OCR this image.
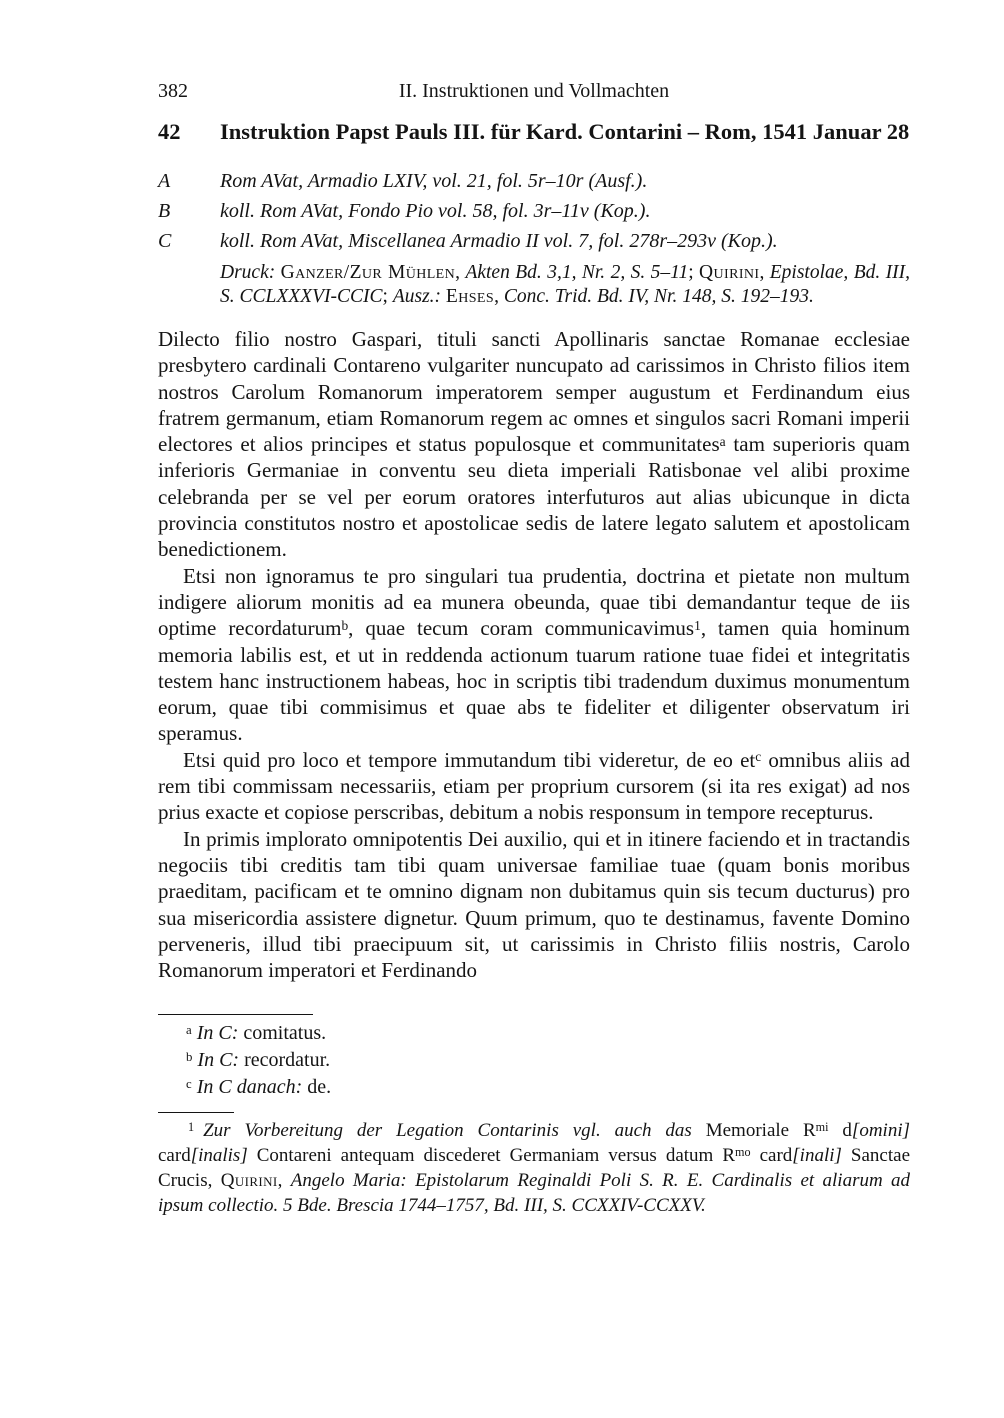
382	II. Instruktionen und Vollmachten
42	Instruktion Papst Pauls III. für Kard. Contarini – Rom, 1541 Januar 28
A	Rom AVat, Armadio LXIV, vol. 21, fol. 5r–10r (Ausf.).
B	koll. Rom AVat, Fondo Pio vol. 58, fol. 3r–11v (Kop.).
C	koll. Rom AVat, Miscellanea Armadio II vol. 7, fol. 278r–293v (Kop.).

Druck: Ganzer/Zur Mühlen, Akten Bd. 3,1, Nr. 2, S. 5–11; Quirini, Epistolae, Bd. III, S. CCLXXXVI-CCIC; Ausz.: Ehses, Conc. Trid. Bd. IV, Nr. 148, S. 192–193.

Dilecto filio nostro Gaspari, tituli sancti Apollinaris sanctae Romanae ecclesiae presbytero cardinali Contareno vulgariter nuncupato ad carissimos in Christo filios item nostros Carolum Romanorum imperatorem semper augustum et Ferdinandum eius fratrem germanum, etiam Romanorum regem ac omnes et singulos sacri Romani imperii electores et alios principes et status populosque et communitates$^a$ tam superioris quam inferioris Germaniae in conventu seu dieta imperiali Ratisbonae vel alibi proxime celebranda per se vel per eorum oratores interfuturos aut alias ubicunque in dicta provincia constitutos nostro et apostolicae sedis de latere legato salutem et apostolicam benedictionem.

Etsi non ignoramus te pro singulari tua prudentia, doctrina et pietate non multum indigere aliorum monitis ad ea munera obeunda, quae tibi demandantur teque de iis optime recordaturum$^b$, quae tecum coram communicavimus$^1$, tamen quia hominum memoria labilis est, et ut in reddenda actionum tuarum ratione tuae fidei et integritatis testem hanc instructionem habeas, hoc in scriptis tibi tradendum duximus monumentum eorum, quae tibi commisimus et quae abs te fideliter et diligenter observatum iri speramus.

Etsi quid pro loco et tempore immutandum tibi videretur, de eo $et^c$ omnibus aliis ad rem tibi commissam necessariis, etiam per proprium cursorem (si ita res exigat) ad nos prius exacte et copiose perscribas, debitum a nobis responsum in tempore recepturus.

In primis implorato omnipotentis Dei auxilio, qui et in itinere faciendo et in tractandis negociis tibi creditis tam tibi quam universae familiae tuae (quam bonis moribus praeditam, pacificam et te omnino dignam non dubitamus quin sis tecum ducturus) pro sua misericordia assistere dignetur. Quum primum, quo te destinamus, favente Domino perveneris, illud tibi praecipuum sit, ut carissimis in Christo filiis nostris, Carolo Romanorum imperatori et Ferdinando

$^a$ In C: comitatus.
$^b$ In C: recordatur.
$^c$ In C danach: de.

$^1$ Zur Vorbereitung der Legation Contarinis vgl. auch das Memoriale $R^{mi}$ d[omini] card[inalis] Contareni antequam discederet Germaniam versus datum $R^{mo}$ card[inali] Sanctae Crucis, Quirini, Angelo Maria: Epistolarum Reginaldi Poli S. R. E. Cardinalis et aliarum ad ipsum collectio. 5 Bde. Brescia 1744–1757, Bd. III, S. CCXXIV-CCXXV.
